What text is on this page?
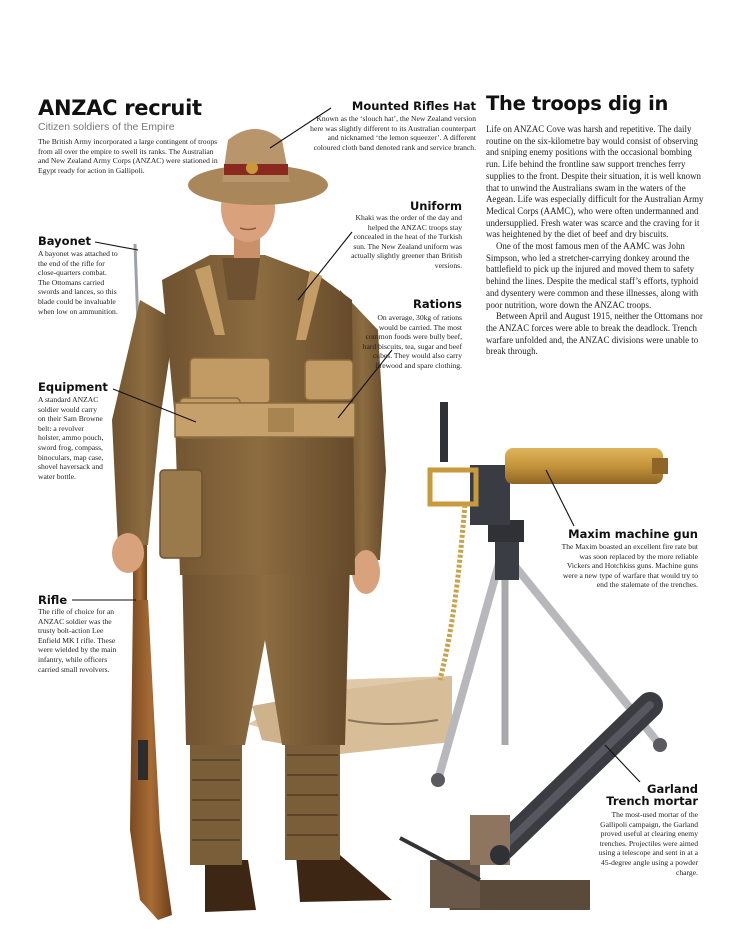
ANZAC recruit
Citizen soldiers of the Empire
The British Army incorporated a large contingent of troops from all over the empire to swell its ranks. The Australian and New Zealand Army Corps (ANZAC) were stationed in Egypt ready for action in Gallipoli.
Mounted Rifles Hat
Known as the ‘slouch hat’, the New Zealand version here was slightly different to its Australian counterpart and nicknamed ‘the lemon squeezer’. A different coloured cloth band denoted rank and service branch.
Uniform
Khaki was the order of the day and helped the ANZAC troops stay concealed in the heat of the Turkish sun. The New Zealand uniform was actually slightly greener than British versions.
Rations
On average, 30kg of rations would be carried. The most common foods were bully beef, hard biscuits, tea, sugar and beef cubes. They would also carry firewood and spare clothing.
Bayonet
A bayonet was attached to the end of the rifle for close-quarters combat. The Ottomans carried swords and lances, so this blade could be invaluable when low on ammunition.
Equipment
A standard ANZAC soldier would carry on their Sam Browne belt: a revolver holster, ammo pouch, sword frog, compass, binoculars, map case, shovel haversack and water bottle.
Rifle
The rifle of choice for an ANZAC soldier was the trusty bolt-action Lee Enfield MK I rifle. These were wielded by the main infantry, while officers carried small revolvers.
Maxim machine gun
The Maxim boasted an excellent fire rate but was soon replaced by the more reliable Vickers and Hotchkiss guns. Machine guns were a new type of warfare that would try to end the stalemate of the trenches.
Garland
Trench mortar
The most-used mortar of the Gallipoli campaign, the Garland proved useful at clearing enemy trenches. Projectiles were aimed using a telescope and sent in at a 45-degree angle using a powder charge.
The troops dig in

Life on ANZAC Cove was harsh and repetitive. The daily routine on the six-kilometre bay would consist of observing and sniping enemy positions with the occasional bombing run. Life behind the frontline saw support trenches ferry supplies to the front. Despite their situation, it is well known that to unwind the Australians swam in the waters of the Aegean. Life was especially difficult for the Australian Army Medical Corps (AAMC), who were often undermanned and undersupplied. Fresh water was scarce and the craving for it was heightened by the diet of beef and dry biscuits.

One of the most famous men of the AAMC was John Simpson, who led a stretcher-carrying donkey around the battlefield to pick up the injured and moved them to safety behind the lines. Despite the medical staff’s efforts, typhoid and dysentery were common and these illnesses, along with poor nutrition, wore down the ANZAC troops.

Between April and August 1915, neither the Ottomans nor the ANZAC forces were able to break the deadlock. Trench warfare unfolded and, the ANZAC divisions were unable to break through.
